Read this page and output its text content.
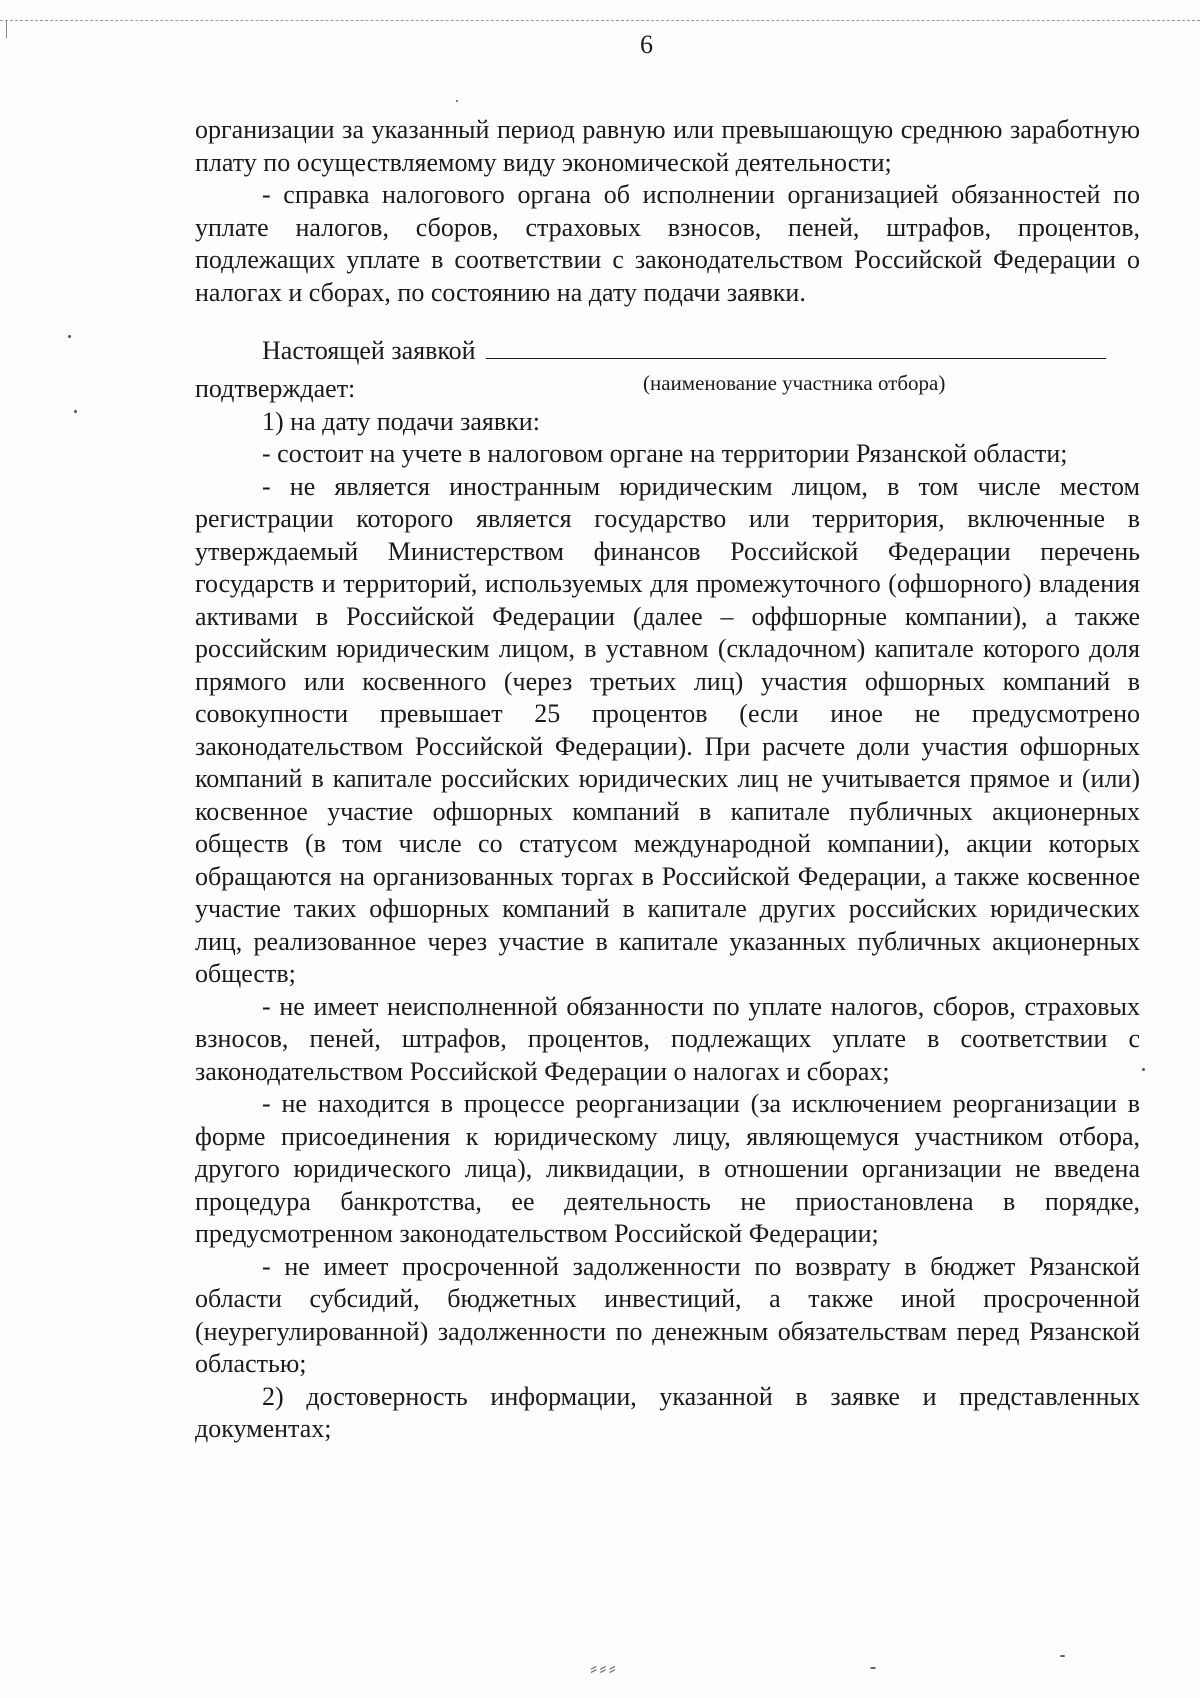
6

организации за указанный период равную или превышающую среднюю заработную плату по осуществляемому виду экономической деятельности;

- справка налогового органа об исполнении организацией обязанностей по уплате налогов, сборов, страховых взносов, пеней, штрафов, процентов, подлежащих уплате в соответствии с законодательством Российской Федерации о налогах и сборах, по состоянию на дату подачи заявки.

Настоящей заявкой
(наименование участника отбора)

подтверждает:

1) на дату подачи заявки:

- состоит на учете в налоговом органе на территории Рязанской области;

- не является иностранным юридическим лицом, в том числе местом регистрации которого является государство или территория, включенные в утверждаемый Министерством финансов Российской Федерации перечень государств и территорий, используемых для промежуточного (офшорного) владения активами в Российской Федерации (далее – оффшорные компании), а также российским юридическим лицом, в уставном (складочном) капитале которого доля прямого или косвенного (через третьих лиц) участия офшорных компаний в совокупности превышает 25 процентов (если иное не предусмотрено законодательством Российской Федерации). При расчете доли участия офшорных компаний в капитале российских юридических лиц не учитывается прямое и (или) косвенное участие офшорных компаний в капитале публичных акционерных обществ (в том числе со статусом международной компании), акции которых обращаются на организованных торгах в Российской Федерации, а также косвенное участие таких офшорных компаний в капитале других российских юридических лиц, реализованное через участие в капитале указанных публичных акционерных обществ;

- не имеет неисполненной обязанности по уплате налогов, сборов, страховых взносов, пеней, штрафов, процентов, подлежащих уплате в соответствии с законодательством Российской Федерации о налогах и сборах;

- не находится в процессе реорганизации (за исключением реорганизации в форме присоединения к юридическому лицу, являющемуся участником отбора, другого юридического лица), ликвидации, в отношении организации не введена процедура банкротства, ее деятельность не приостановлена в порядке, предусмотренном законодательством Российской Федерации;

- не имеет просроченной задолженности по возврату в бюджет Рязанской области субсидий, бюджетных инвестиций, а также иной просроченной (неурегулированной) задолженности по денежным обязательствам перед Рязанской областью;

2) достоверность информации, указанной в заявке и представленных документах;

⸗⸗⸗
